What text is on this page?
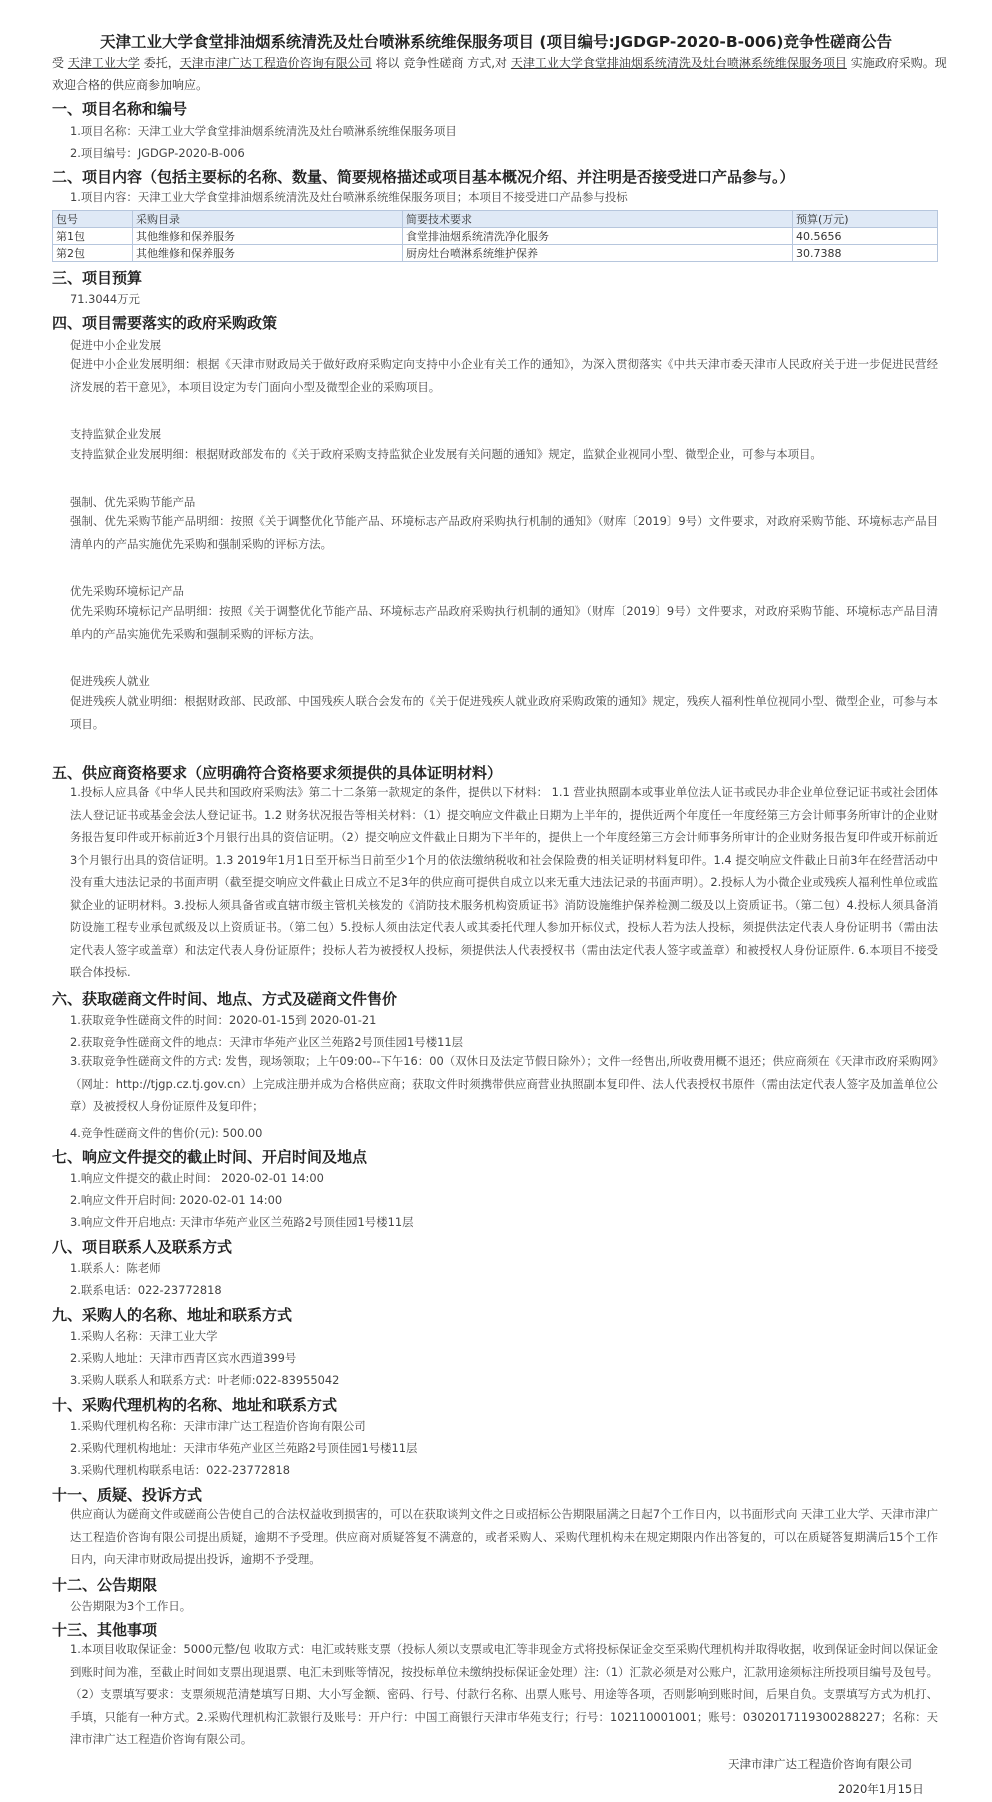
天津工业大学食堂排油烟系统清洗及灶台喷淋系统维保服务项目 (项目编号:JGDGP-2020-B-006)竞争性磋商公告
受 天津工业大学 委托，天津市津广达工程造价咨询有限公司 将以 竞争性磋商 方式,对 天津工业大学食堂排油烟系统清洗及灶台喷淋系统维保服务项目 实施政府采购。现欢迎合格的供应商参加响应。
一、项目名称和编号
1.项目名称：天津工业大学食堂排油烟系统清洗及灶台喷淋系统维保服务项目
2.项目编号：JGDGP-2020-B-006
二、项目内容（包括主要标的名称、数量、简要规格描述或项目基本概况介绍、并注明是否接受进口产品参与。）
1.项目内容：天津工业大学食堂排油烟系统清洗及灶台喷淋系统维保服务项目；本项目不接受进口产品参与投标
包号	采购目录	简要技术要求	预算(万元)
第1包	其他维修和保养服务	食堂排油烟系统清洗净化服务	40.5656
第2包	其他维修和保养服务	厨房灶台喷淋系统维护保养	30.7388
三、项目预算
71.3044万元
四、项目需要落实的政府采购政策
促进中小企业发展
促进中小企业发展明细：根据《天津市财政局关于做好政府采购定向支持中小企业有关工作的通知》，为深入贯彻落实《中共天津市委天津市人民政府关于进一步促进民营经济发展的若干意见》，本项目设定为专门面向小型及微型企业的采购项目。
支持监狱企业发展
支持监狱企业发展明细：根据财政部发布的《关于政府采购支持监狱企业发展有关问题的通知》规定，监狱企业视同小型、微型企业，可参与本项目。
强制、优先采购节能产品
强制、优先采购节能产品明细：按照《关于调整优化节能产品、环境标志产品政府采购执行机制的通知》（财库〔2019〕9号）文件要求，对政府采购节能、环境标志产品目清单内的产品实施优先采购和强制采购的评标方法。
优先采购环境标记产品
优先采购环境标记产品明细：按照《关于调整优化节能产品、环境标志产品政府采购执行机制的通知》（财库〔2019〕9号）文件要求，对政府采购节能、环境标志产品目清单内的产品实施优先采购和强制采购的评标方法。
促进残疾人就业
促进残疾人就业明细：根据财政部、民政部、中国残疾人联合会发布的《关于促进残疾人就业政府采购政策的通知》规定，残疾人福利性单位视同小型、微型企业，可参与本项目。
五、供应商资格要求（应明确符合资格要求须提供的具体证明材料）
1.投标人应具备《中华人民共和国政府采购法》第二十二条第一款规定的条件，提供以下材料： 1.1 营业执照副本或事业单位法人证书或民办非企业单位登记证书或社会团体法人登记证书或基金会法人登记证书。1.2 财务状况报告等相关材料：（1）提交响应文件截止日期为上半年的，提供近两个年度任一年度经第三方会计师事务所审计的企业财务报告复印件或开标前近3个月银行出具的资信证明。（2）提交响应文件截止日期为下半年的，提供上一个年度经第三方会计师事务所审计的企业财务报告复印件或开标前近3个月银行出具的资信证明。1.3 2019年1月1日至开标当日前至少1个月的依法缴纳税收和社会保险费的相关证明材料复印件。1.4 提交响应文件截止日前3年在经营活动中没有重大违法记录的书面声明（截至提交响应文件截止日成立不足3年的供应商可提供自成立以来无重大违法记录的书面声明）。2.投标人为小微企业或残疾人福利性单位或监狱企业的证明材料。3.投标人须具备省或直辖市级主管机关核发的《消防技术服务机构资质证书》消防设施维护保养检测二级及以上资质证书。（第二包）4.投标人须具备消防设施工程专业承包贰级及以上资质证书。（第二包）5.投标人须由法定代表人或其委托代理人参加开标仪式，投标人若为法人投标，须提供法定代表人身份证明书（需由法定代表人签字或盖章）和法定代表人身份证原件；投标人若为被授权人投标，须提供法人代表授权书（需由法定代表人签字或盖章）和被授权人身份证原件. 6.本项目不接受联合体投标.
六、获取磋商文件时间、地点、方式及磋商文件售价
1.获取竞争性磋商文件的时间：2020-01-15到 2020-01-21
2.获取竞争性磋商文件的地点：天津市华苑产业区兰苑路2号顶佳园1号楼11层
3.获取竞争性磋商文件的方式: 发售，现场领取；上午09:00--下午16：00（双休日及法定节假日除外）；文件一经售出,所收费用概不退还；供应商须在《天津市政府采购网》（网址：http://tjgp.cz.tj.gov.cn）上完成注册并成为合格供应商；获取文件时须携带供应商营业执照副本复印件、法人代表授权书原件（需由法定代表人签字及加盖单位公章）及被授权人身份证原件及复印件；
4.竞争性磋商文件的售价(元): 500.00
七、响应文件提交的截止时间、开启时间及地点
1.响应文件提交的截止时间： 2020-02-01 14:00
2.响应文件开启时间: 2020-02-01 14:00
3.响应文件开启地点: 天津市华苑产业区兰苑路2号顶佳园1号楼11层
八、项目联系人及联系方式
1.联系人：陈老师
2.联系电话：022-23772818
九、采购人的名称、地址和联系方式
1.采购人名称：天津工业大学
2.采购人地址：天津市西青区宾水西道399号
3.采购人联系人和联系方式：叶老师:022-83955042
十、采购代理机构的名称、地址和联系方式
1.采购代理机构名称：天津市津广达工程造价咨询有限公司
2.采购代理机构地址：天津市华苑产业区兰苑路2号顶佳园1号楼11层
3.采购代理机构联系电话：022-23772818
十一、质疑、投诉方式
供应商认为磋商文件或磋商公告使自己的合法权益收到损害的，可以在获取谈判文件之日或招标公告期限届满之日起7个工作日内，以书面形式向 天津工业大学、天津市津广达工程造价咨询有限公司提出质疑，逾期不予受理。供应商对质疑答复不满意的，或者采购人、采购代理机构未在规定期限内作出答复的，可以在质疑答复期满后15个工作日内，向天津市财政局提出投诉，逾期不予受理。
十二、公告期限
公告期限为3个工作日。
十三、其他事项
1.本项目收取保证金：5000元整/包 收取方式：电汇或转账支票（投标人须以支票或电汇等非现金方式将投标保证金交至采购代理机构并取得收据，收到保证金时间以保证金到账时间为准，至截止时间如支票出现退票、电汇未到账等情况，按投标单位未缴纳投标保证金处理）注:（1）汇款必须是对公账户，汇款用途须标注所投项目编号及包号。（2）支票填写要求：支票须规范清楚填写日期、大小写金额、密码、行号、付款行名称、出票人账号、用途等各项，否则影响到账时间，后果自负。支票填写方式为机打、手填，只能有一种方式。2.采购代理机构汇款银行及账号：开户行：中国工商银行天津市华苑支行；行号：102110001001；账号：0302017119300288227；名称：天津市津广达工程造价咨询有限公司。
天津市津广达工程造价咨询有限公司
2020年1月15日
